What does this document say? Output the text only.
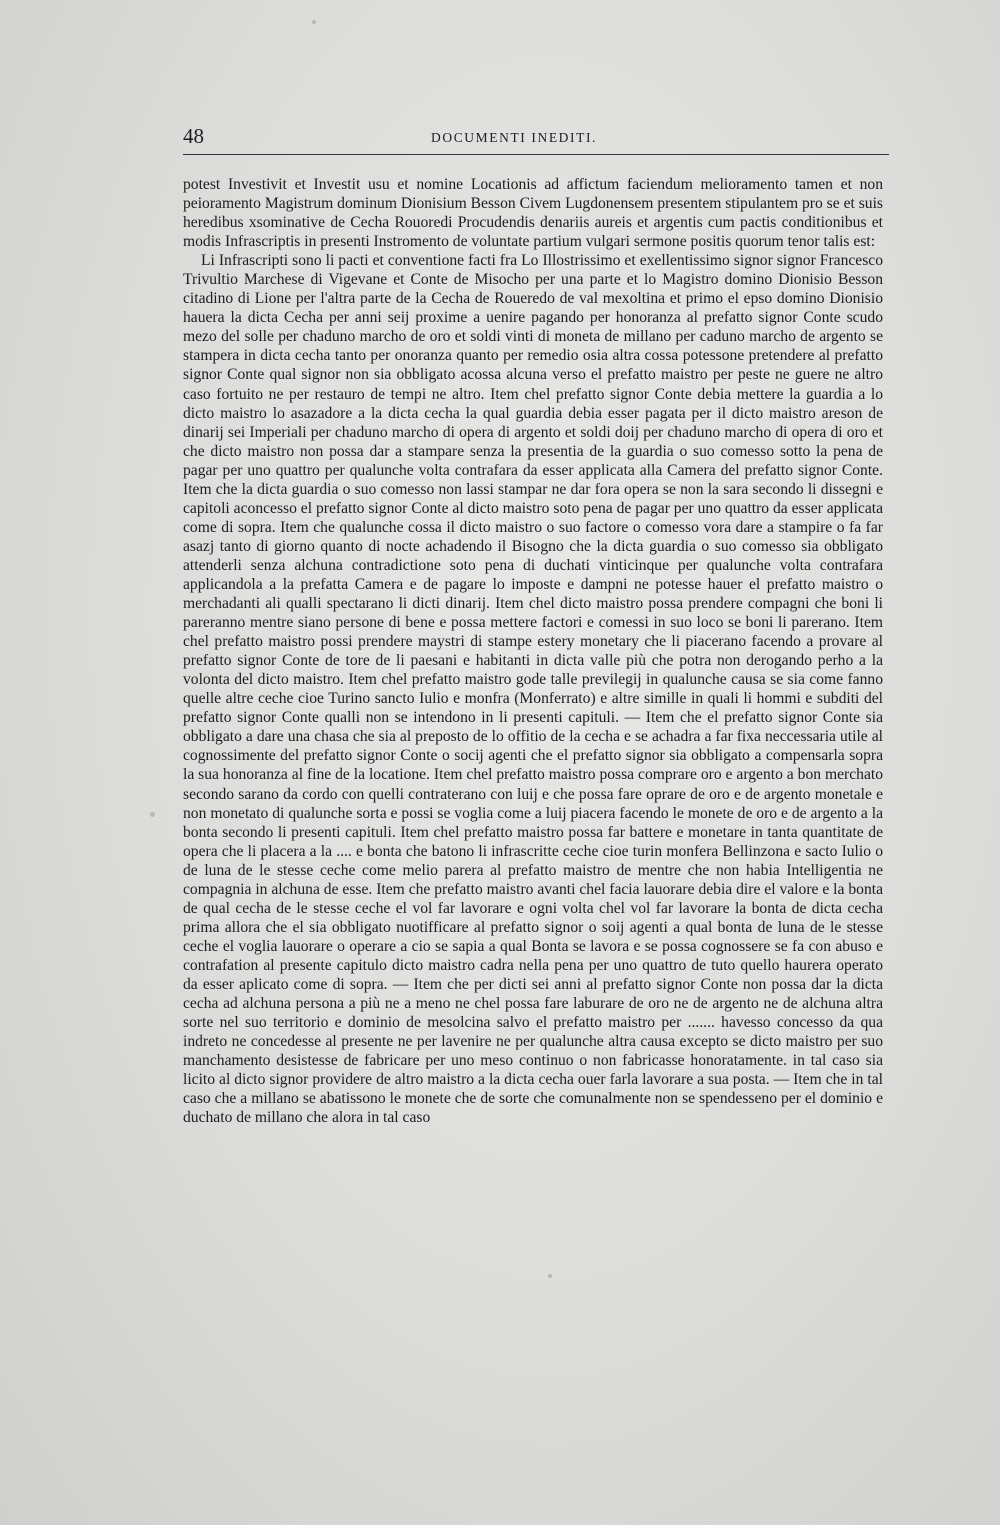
48	DOCUMENTI INEDITI.

potest Investivit et Investit usu et nomine Locationis ad affictum faciendum melioramento tamen et non peioramento Magistrum dominum Dionisium Besson Civem Lugdonensem presentem stipulantem pro se et suis heredibus xsominative de Cecha Rouoredi Procudendis denariis aureis et argentis cum pactis conditionibus et modis Infrascriptis in presenti Instromento de voluntate partium vulgari sermone positis quorum tenor talis est:

Li Infrascripti sono li pacti et conventione facti fra Lo Illostrissimo et exellentissimo signor signor Francesco Trivultio Marchese di Vigevane et Conte de Misocho per una parte et lo Magistro domino Dionisio Besson citadino di Lione per l'altra parte de la Cecha de Roueredo de val mexoltina et primo el epso domino Dionisio hauera la dicta Cecha per anni seij proxime a uenire pagando per honoranza al prefatto signor Conte scudo mezo del solle per chaduno marcho de oro et soldi vinti di moneta de millano per caduno marcho de argento se stampera in dicta cecha tanto per onoranza quanto per remedio osia altra cossa potessone pretendere al prefatto signor Conte qual signor non sia obbligato acossa alcuna verso el prefatto maistro per peste ne guere ne altro caso fortuito ne per restauro de tempi ne altro. Item chel prefatto signor Conte debia mettere la guardia a lo dicto maistro lo asazadore a la dicta cecha la qual guardia debia esser pagata per il dicto maistro areson de dinarij sei Imperiali per chaduno marcho di opera di argento et soldi doij per chaduno marcho di opera di oro et che dicto maistro non possa dar a stampare senza la presentia de la guardia o suo comesso sotto la pena de pagar per uno quattro per qualunche volta contrafara da esser applicata alla Camera del prefatto signor Conte. Item che la dicta guardia o suo comesso non lassi stampar ne dar fora opera se non la sara secondo li dissegni e capitoli aconcesso el prefatto signor Conte al dicto maistro soto pena de pagar per uno quattro da esser applicata come di sopra. Item che qualunche cossa il dicto maistro o suo factore o comesso vora dare a stampire o fa far asazj tanto di giorno quanto di nocte achadendo il Bisogno che la dicta guardia o suo comesso sia obbligato attenderli senza alchuna contradictione soto pena di duchati vinticinque per qualunche volta contrafara applicandola a la prefatta Camera e de pagare lo imposte e dampni ne potesse hauer el prefatto maistro o merchadanti ali qualli spectarano li dicti dinarij. Item chel dicto maistro possa prendere compagni che boni li pareranno mentre siano persone di bene e possa mettere factori e comessi in suo loco se boni li parerano. Item chel prefatto maistro possi prendere maystri di stampe estery monetary che li piacerano facendo a provare al prefatto signor Conte de tore de li paesani e habitanti in dicta valle più che potra non derogando perho a la volonta del dicto maistro. Item chel prefatto maistro gode talle previlegij in qualunche causa se sia come fanno quelle altre ceche cioe Turino sancto Iulio e monfra (Monferrato) e altre simille in quali li hommi e subditi del prefatto signor Conte qualli non se intendono in li presenti capituli. — Item che el prefatto signor Conte sia obbligato a dare una chasa che sia al preposto de lo offitio de la cecha e se achadra a far fixa neccessaria utile al cognossimente del prefatto signor Conte o socij agenti che el prefatto signor sia obbligato a compensarla sopra la sua honoranza al fine de la locatione. Item chel prefatto maistro possa comprare oro e argento a bon merchato secondo sarano da cordo con quelli contraterano con luij e che possa fare oprare de oro e de argento monetale e non monetato di qualunche sorta e possi se voglia come a luij piacera facendo le monete de oro e de argento a la bonta secondo li presenti capituli. Item chel prefatto maistro possa far battere e monetare in tanta quantitate de opera che li placera a la .... e bonta che batono li infrascritte ceche cioe turin monfera Bellinzona e sacto Iulio o de luna de le stesse ceche come melio parera al prefatto maistro de mentre che non habia Intelligentia ne compagnia in alchuna de esse. Item che prefatto maistro avanti chel facia lauorare debia dire el valore e la bonta de qual cecha de le stesse ceche el vol far lavorare e ogni volta chel vol far lavorare la bonta de dicta cecha prima allora che el sia obbligato nuotifficare al prefatto signor o soij agenti a qual bonta de luna de le stesse ceche el voglia lauorare o operare a cio se sapia a qual Bonta se lavora e se possa cognossere se fa con abuso e contrafation al presente capitulo dicto maistro cadra nella pena per uno quattro de tuto quello haurera operato da esser aplicato come di sopra. — Item che per dicti sei anni al prefatto signor Conte non possa dar la dicta cecha ad alchuna persona a più ne a meno ne chel possa fare laburare de oro ne de argento ne de alchuna altra sorte nel suo territorio e dominio de mesolcina salvo el prefatto maistro per ....... havesso concesso da qua indreto ne concedesse al presente ne per lavenire ne per qualunche altra causa excepto se dicto maistro per suo manchamento desistesse de fabricare per uno meso continuo o non fabricasse honoratamente. in tal caso sia licito al dicto signor providere de altro maistro a la dicta cecha ouer farla lavorare a sua posta. — Item che in tal caso che a millano se abatissono le monete che de sorte che comunalmente non se spendesseno per el dominio e duchato de millano che alora in tal caso
